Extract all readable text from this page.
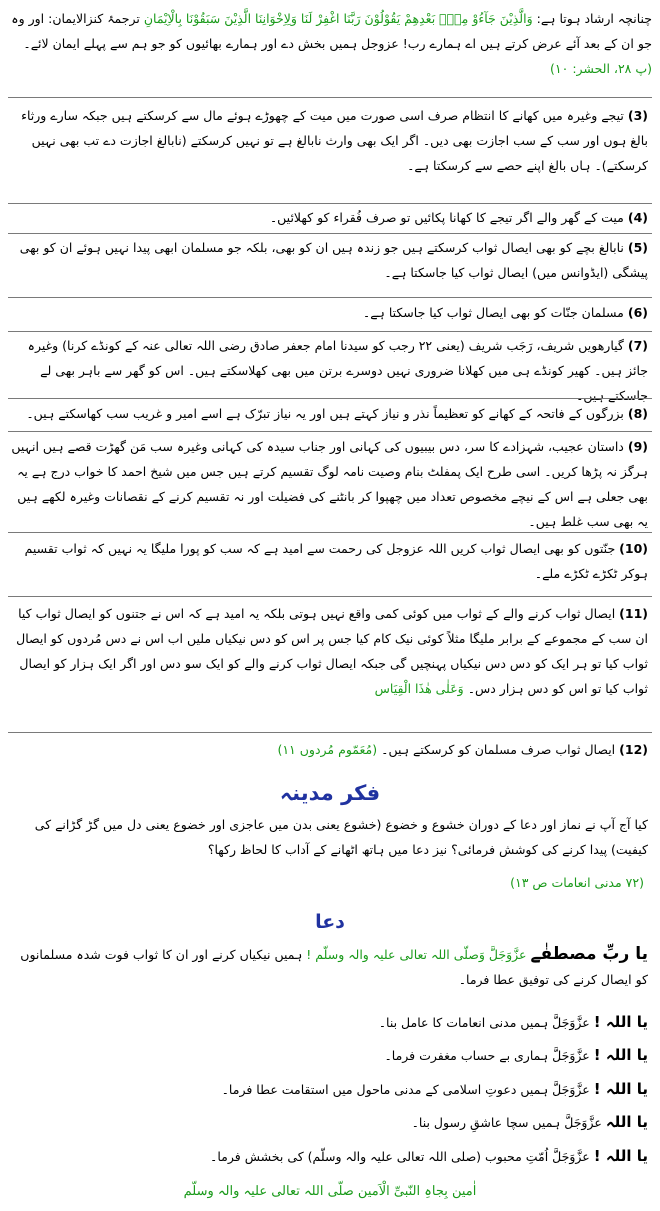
چنانچہ ارشاد ہوتا ہے: وَالَّذِیْنَ جَآءُوْ مِنْۢ بَعْدِهِمْ یَقُوْلُوْنَ رَبَّنَا اغْفِرْ لَنَا وَلِاِخْوَانِنَا الَّذِیْنَ سَبَقُوْنَا بِالْاِیْمَانِ ترجمۂ کنزالایمان: اور وہ جو ان کے بعد آئے عرض کرتے ہیں اے ہمارے رب! عزوجل ہمیں بخش دے اور ہمارے بھائیوں کو جو ہم سے پہلے ایمان لائے۔ (پ ۲۸، الحشر: ۱۰)
(3) تیجے وغیرہ میں کھانے کا انتظام صرف اسی صورت میں میت کے چھوڑے ہوئے مال سے کرسکتے ہیں جبکہ سارے ورثاء بالغ ہوں اور سب کے سب اجازت بھی دیں۔ اگر ایک بھی وارث نابالغ ہے تو نہیں کرسکتے (نابالغ اجازت دے تب بھی نہیں کرسکتے)۔ ہاں بالغ اپنے حصے سے کرسکتا ہے۔
(4) میت کے گھر والے اگر تیجے کا کھانا پکائیں تو صرف فُقراء کو کھلائیں۔
(5) نابالغ بچے کو بھی ایصال ثواب کرسکتے ہیں جو زندہ ہیں ان کو بھی، بلکہ جو مسلمان ابھی پیدا نہیں ہوئے ان کو بھی پیشگی (ایڈوانس میں) ایصال ثواب کیا جاسکتا ہے۔
(6) مسلمان جنّات کو بھی ایصال ثواب کیا جاسکتا ہے۔
(7) گیارھویں شریف، رَجَب شریف (یعنی ۲۲ رجب کو سیدنا امام جعفر صادق رضی اللہ تعالی عنہ کے کونڈے کرنا) وغیرہ جائز ہیں۔ کھیر کونڈے ہی میں کھلانا ضروری نہیں دوسرے برتن میں بھی کھلاسکتے ہیں۔ اس کو گھر سے باہر بھی لے جاسکتے ہیں۔
(8) بزرگوں کے فاتحہ کے کھانے کو تعظیماً نذر و نیاز کہتے ہیں اور یہ نیاز تبرّک ہے اسے امیر و غریب سب کھاسکتے ہیں۔
(9) داستان عجیب، شہزادے کا سر، دس بیبیوں کی کہانی اور جناب سیدہ کی کہانی وغیرہ سب مَن گھڑت قصے ہیں انہیں ہرگز نہ پڑھا کریں۔ اسی طرح ایک پمفلٹ بنام وصیت نامہ لوگ تقسیم کرتے ہیں جس میں شیخ احمد کا خواب درج ہے یہ بھی جعلی ہے اس کے نیچے مخصوص تعداد میں چھپوا کر بانٹنے کی فضیلت اور نہ تقسیم کرنے کے نقصانات وغیرہ لکھے ہیں یہ بھی سب غلط ہیں۔
(10) جنّتوں کو بھی ایصال ثواب کریں اللہ عزوجل کی رحمت سے امید ہے کہ سب کو پورا ملیگا یہ نہیں کہ ثواب تقسیم ہوکر ٹکڑے ٹکڑے ملے۔
(11) ایصال ثواب کرنے والے کے ثواب میں کوئی کمی واقع نہیں ہوتی بلکہ یہ امید ہے کہ اس نے جتنوں کو ایصال ثواب کیا ان سب کے مجموعے کے برابر ملیگا مثلاً کوئی نیک کام کیا جس پر اس کو دس نیکیاں ملیں اب اس نے دس مُردوں کو ایصال ثواب کیا تو ہر ایک کو دس دس نیکیاں پہنچیں گی جبکہ ایصال ثواب کرنے والے کو ایک سو دس اور اگر ایک ہزار کو ایصال ثواب کیا تو اس کو دس ہزار دس۔ وَعَلٰی ھٰذَا الْقِیَاس
(12) ایصال ثواب صرف مسلمان کو کرسکتے ہیں۔ (مُعَمّوم مُردوں ۱۱)
فکر مدینہ
کیا آج آپ نے نماز اور دعا کے دوران خشوع و خضوع (خشوع یعنی بدن میں عاجزی اور خضوع یعنی دل میں گڑ گڑانے کی کیفیت) پیدا کرنے کی کوشش فرمائی؟ نیز دعا میں ہاتھ اٹھانے کے آداب کا لحاظ رکھا؟
(۷۲ مدنی انعامات ص ۱۳)
دعا
یا ربِّ مصطفٰے عزَّوَجَلَّ وَصلّی اللہ تعالی علیہ والہ وسلّم ! ہمیں نیکیاں کرنے اور ان کا ثواب فوت شدہ مسلمانوں کو ایصال کرنے کی توفیق عطا فرما۔
یا اللہ ! عزَّوَجَلَّ ہمیں مدنی انعامات کا عامل بنا۔
یا اللہ ! عزَّوَجَلَّ ہماری بے حساب مغفرت فرما۔
یا اللہ ! عزَّوَجَلَّ ہمیں دعوتِ اسلامی کے مدنی ماحول میں استقامت عطا فرما۔
یا اللہ عزَّوَجَلَّ ہمیں سچا عاشقِ رسول بنا۔
یا اللہ ! عزَّوَجَلَّ اُمّتِ محبوب (صلی اللہ تعالی علیہ والہ وسلّم) کی بخشش فرما۔
اٰمین بِجاہِ النّبیِّ الْاَمین صلّی اللہ تعالی علیہ والہ وسلّم
